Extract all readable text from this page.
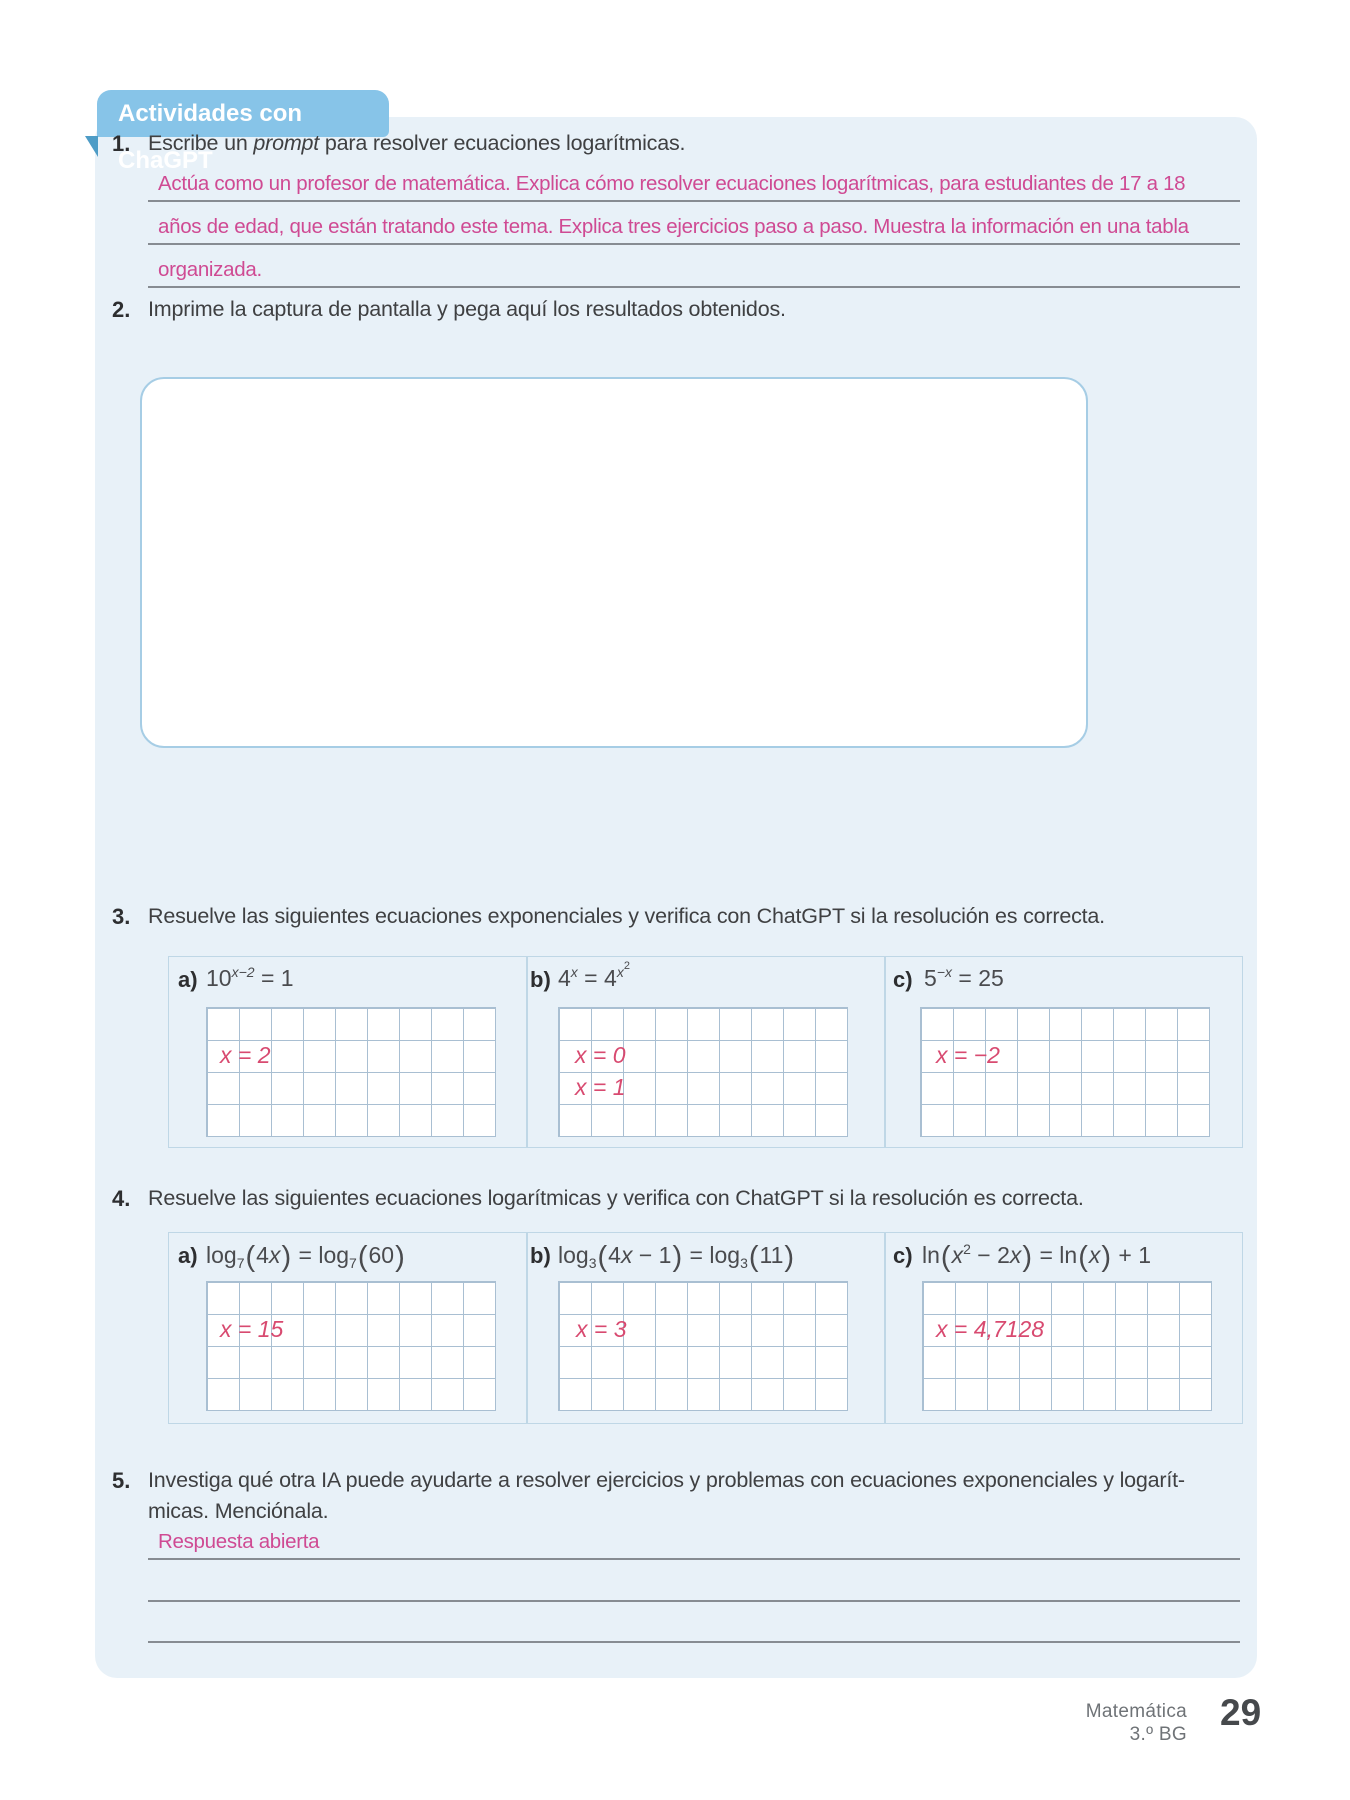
Actividades con ChaGPT
1. Escribe un prompt para resolver ecuaciones logarítmicas.
Actúa como un profesor de matemática. Explica cómo resolver ecuaciones logarítmicas, para estudiantes de 17 a 18
años de edad, que están tratando este tema. Explica tres ejercicios paso a paso. Muestra la información en una tabla
organizada.
2. Imprime la captura de pantalla y pega aquí los resultados obtenidos.
3. Resuelve las siguientes ecuaciones exponenciales y verifica con ChatGPT si la resolución es correcta.
a) $10^{x-2} = 1$
x = 2
b) $4^x = 4^{x2}$
x = 0
x = 1
c) $5^{-x} = 25$
x = −2
4. Resuelve las siguientes ecuaciones logarítmicas y verifica con ChatGPT si la resolución es correcta.
a) $\log_7(4x) = \log_7(60)$
x = 15
b) $\log_3(4x - 1) = \log_3(11)$
x = 3
c) $\ln(x^2 - 2x) = \ln(x) + 1$
x = 4,7128
5. Investiga qué otra IA puede ayudarte a resolver ejercicios y problemas con ecuaciones exponenciales y logarít-
micas. Menciónala.
Respuesta abierta
Matemática
3.º BG
29
